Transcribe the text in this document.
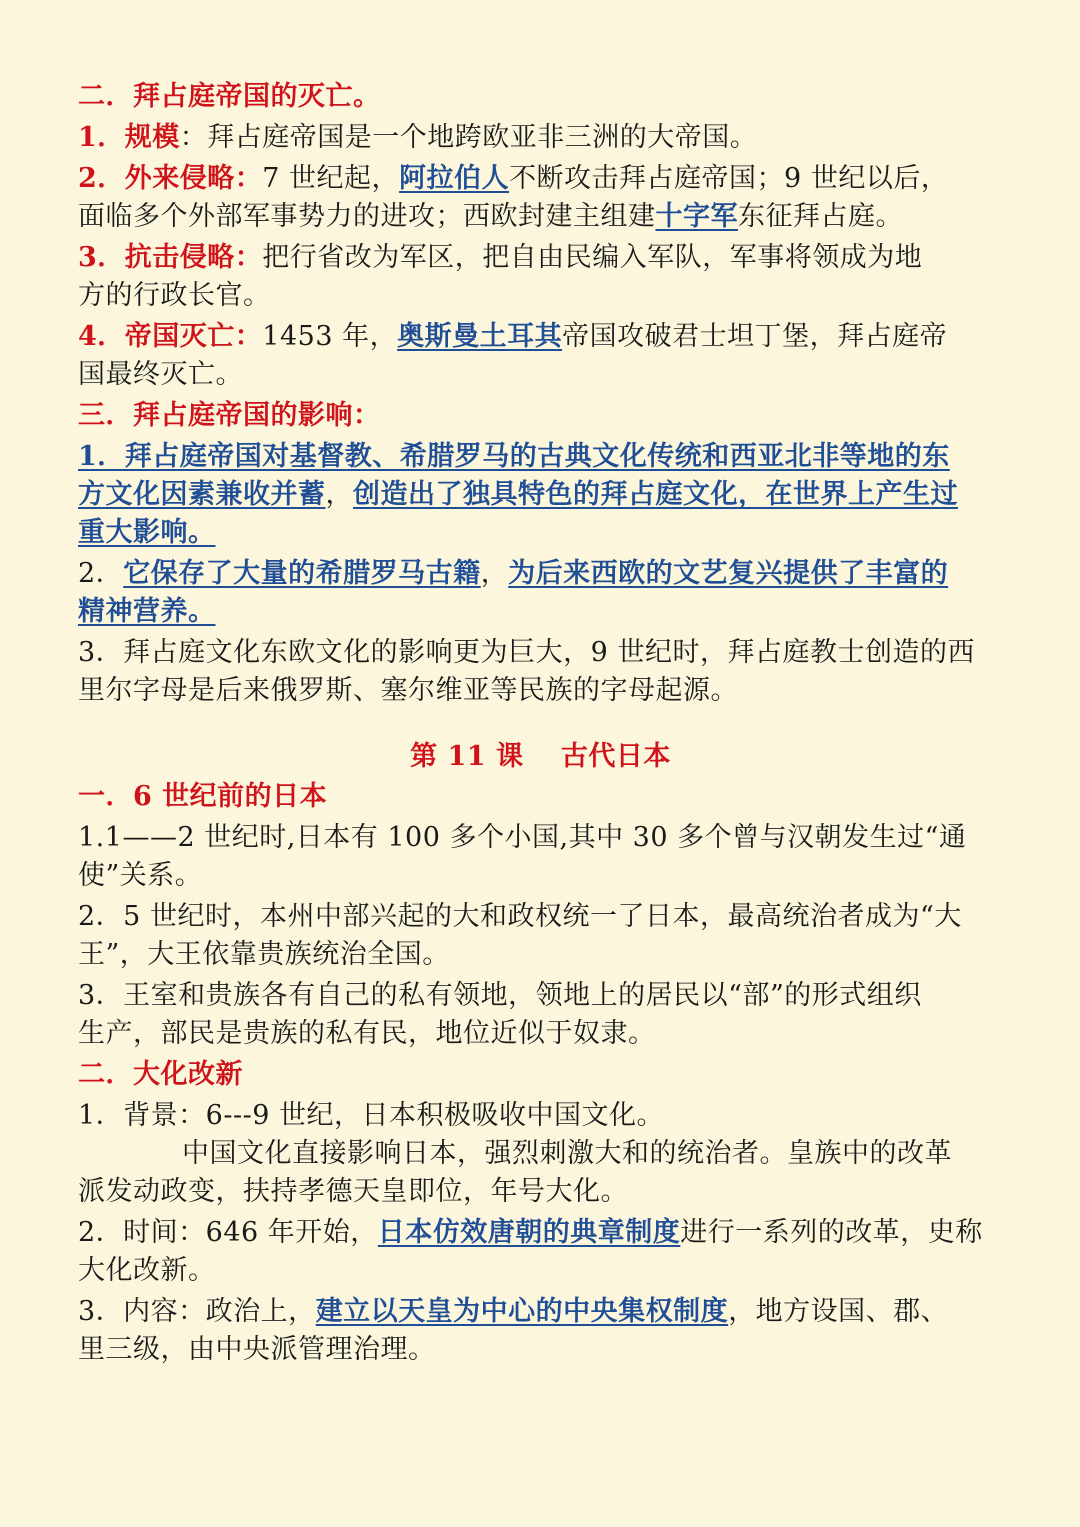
二．拜占庭帝国的灭亡。
1．规模：拜占庭帝国是一个地跨欧亚非三洲的大帝国。
2．外来侵略：7 世纪起，阿拉伯人不断攻击拜占庭帝国；9 世纪以后，
面临多个外部军事势力的进攻；西欧封建主组建十字军东征拜占庭。
3．抗击侵略：把行省改为军区，把自由民编入军队，军事将领成为地
方的行政长官。
4．帝国灭亡：1453 年，奥斯曼土耳其帝国攻破君士坦丁堡，拜占庭帝
国最终灭亡。
三．拜占庭帝国的影响：
1．拜占庭帝国对基督教、希腊罗马的古典文化传统和西亚北非等地的东
方文化因素兼收并蓄，创造出了独具特色的拜占庭文化，在世界上产生过
重大影响。
2．它保存了大量的希腊罗马古籍，为后来西欧的文艺复兴提供了丰富的
精神营养。
3．拜占庭文化东欧文化的影响更为巨大，9 世纪时，拜占庭教士创造的西
里尔字母是后来俄罗斯、塞尔维亚等民族的字母起源。
第 11 课　 古代日本
一．6 世纪前的日本
1.1——2 世纪时,日本有 100 多个小国,其中 30 多个曾与汉朝发生过“通
使”关系。
2．5 世纪时，本州中部兴起的大和政权统一了日本，最高统治者成为“大
王”，大王依靠贵族统治全国。
3．王室和贵族各有自己的私有领地，领地上的居民以“部”的形式组织
生产，部民是贵族的私有民，地位近似于奴隶。
二．大化改新
1．背景：6---9 世纪，日本积极吸收中国文化。
中国文化直接影响日本，强烈刺激大和的统治者。皇族中的改革
派发动政变，扶持孝德天皇即位，年号大化。
2．时间：646 年开始，日本仿效唐朝的典章制度进行一系列的改革，史称
大化改新。
3．内容：政治上，建立以天皇为中心的中央集权制度，地方设国、郡、
里三级，由中央派管理治理。
